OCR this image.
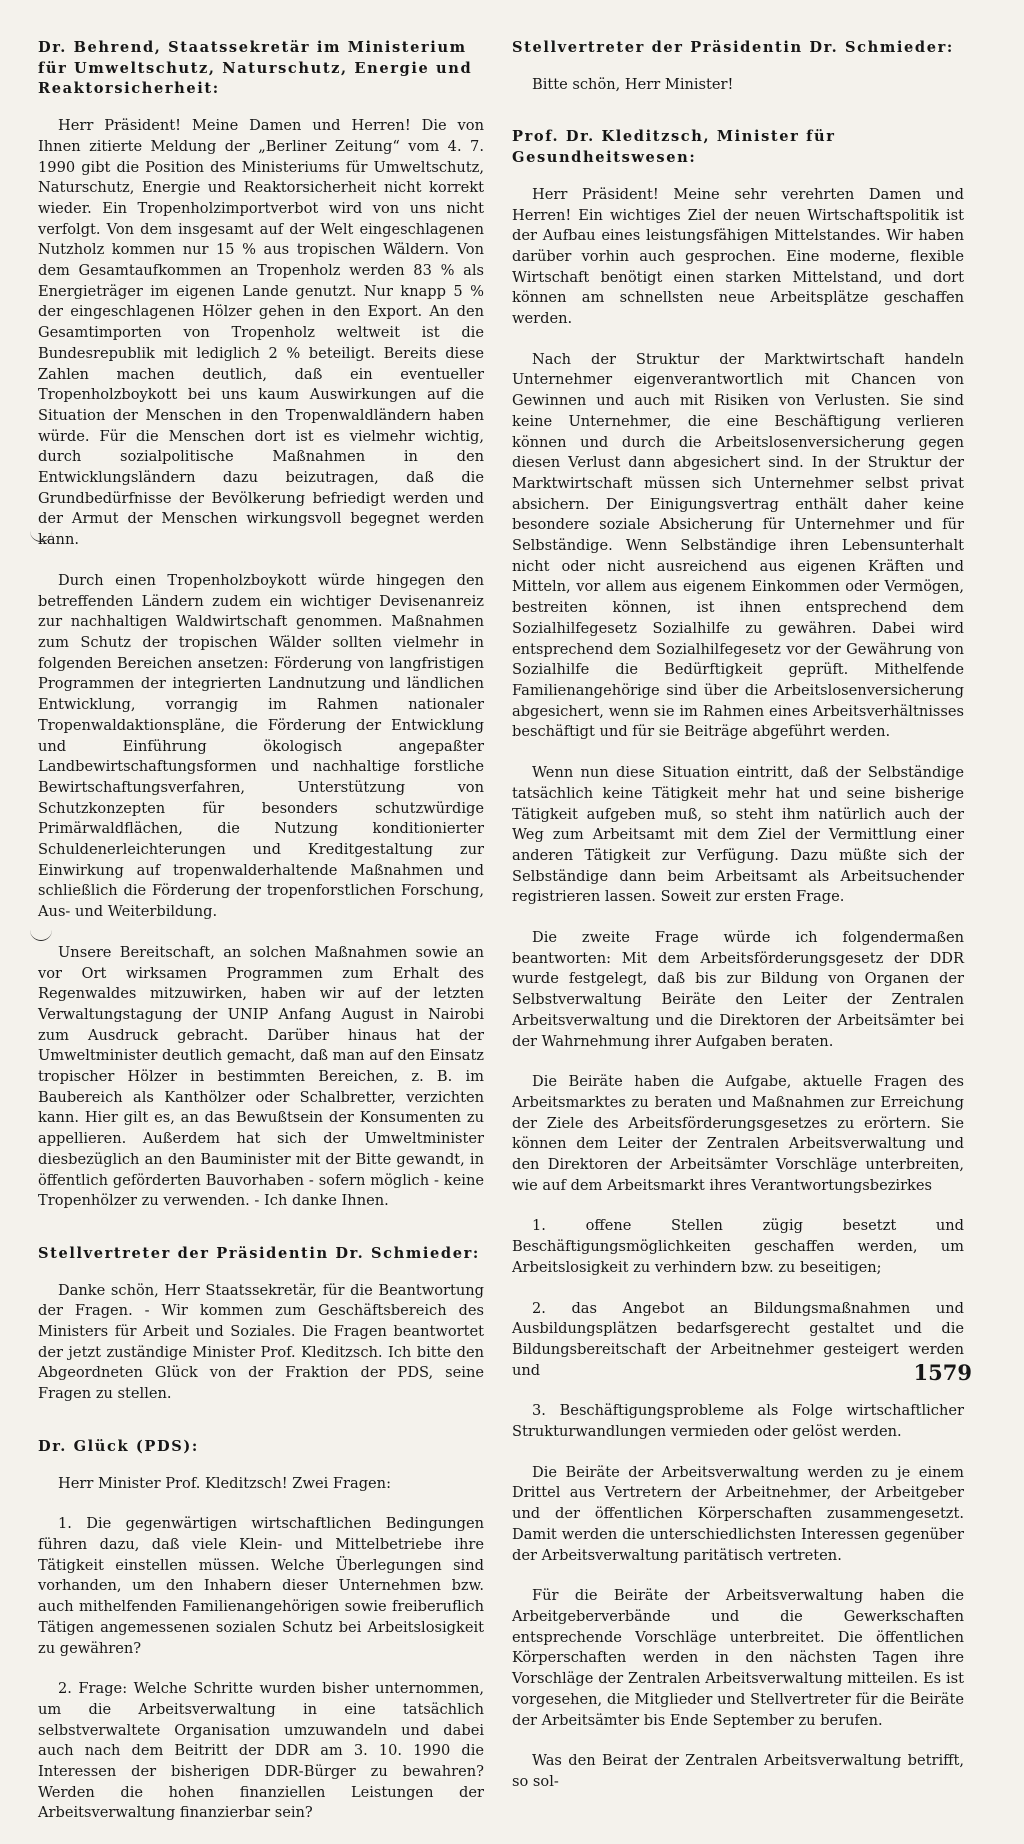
Dr. Behrend, Staatssekretär im Ministerium für Umweltschutz, Naturschutz, Energie und Reaktorsicherheit:
Herr Präsident! Meine Damen und Herren! Die von Ihnen zitierte Meldung der „Berliner Zeitung“ vom 4. 7. 1990 gibt die Position des Ministeriums für Umweltschutz, Naturschutz, Energie und Reaktorsicherheit nicht korrekt wieder. Ein Tropenholzimportverbot wird von uns nicht verfolgt. Von dem insgesamt auf der Welt eingeschlagenen Nutzholz kommen nur 15 % aus tropischen Wäldern. Von dem Gesamtaufkommen an Tropenholz werden 83 % als Energieträger im eigenen Lande genutzt. Nur knapp 5 % der eingeschlagenen Hölzer gehen in den Export. An den Gesamtimporten von Tropenholz weltweit ist die Bundesrepublik mit lediglich 2 % beteiligt. Bereits diese Zahlen machen deutlich, daß ein eventueller Tropenholzboykott bei uns kaum Auswirkungen auf die Situation der Menschen in den Tropenwaldländern haben würde. Für die Menschen dort ist es vielmehr wichtig, durch sozialpolitische Maßnahmen in den Entwicklungsländern dazu beizutragen, daß die Grundbedürfnisse der Bevölkerung befriedigt werden und der Armut der Menschen wirkungsvoll begegnet werden kann.
Durch einen Tropenholzboykott würde hingegen den betreffenden Ländern zudem ein wichtiger Devisenanreiz zur nachhaltigen Waldwirtschaft genommen. Maßnahmen zum Schutz der tropischen Wälder sollten vielmehr in folgenden Bereichen ansetzen: Förderung von langfristigen Programmen der integrierten Landnutzung und ländlichen Entwicklung, vorrangig im Rahmen nationaler Tropenwaldaktionspläne, die Förderung der Entwicklung und Einführung ökologisch angepaßter Landbewirtschaftungsformen und nachhaltige forstliche Bewirtschaftungsverfahren, Unterstützung von Schutzkonzepten für besonders schutzwürdige Primärwaldflächen, die Nutzung konditionierter Schuldenerleichterungen und Kreditgestaltung zur Einwirkung auf tropenwalderhaltende Maßnahmen und schließlich die Förderung der tropenforstlichen Forschung, Aus- und Weiterbildung.
Unsere Bereitschaft, an solchen Maßnahmen sowie an vor Ort wirksamen Programmen zum Erhalt des Regenwaldes mitzuwirken, haben wir auf der letzten Verwaltungstagung der UNIP Anfang August in Nairobi zum Ausdruck gebracht. Darüber hinaus hat der Umweltminister deutlich gemacht, daß man auf den Einsatz tropischer Hölzer in bestimmten Bereichen, z. B. im Baubereich als Kanthölzer oder Schalbretter, verzichten kann. Hier gilt es, an das Bewußtsein der Konsumenten zu appellieren. Außerdem hat sich der Umweltminister diesbezüglich an den Bauminister mit der Bitte gewandt, in öffentlich geförderten Bauvorhaben - sofern möglich - keine Tropenhölzer zu verwenden. - Ich danke Ihnen.
Stellvertreter der Präsidentin Dr. Schmieder:
Danke schön, Herr Staatssekretär, für die Beantwortung der Fragen. - Wir kommen zum Geschäftsbereich des Ministers für Arbeit und Soziales. Die Fragen beantwortet der jetzt zuständige Minister Prof. Kleditzsch. Ich bitte den Abgeordneten Glück von der Fraktion der PDS, seine Fragen zu stellen.
Dr. Glück (PDS):
Herr Minister Prof. Kleditzsch! Zwei Fragen:
1. Die gegenwärtigen wirtschaftlichen Bedingungen führen dazu, daß viele Klein- und Mittelbetriebe ihre Tätigkeit einstellen müssen. Welche Überlegungen sind vorhanden, um den Inhabern dieser Unternehmen bzw. auch mithelfenden Familienangehörigen sowie freiberuflich Tätigen angemessenen sozialen Schutz bei Arbeitslosigkeit zu gewähren?
2. Frage: Welche Schritte wurden bisher unternommen, um die Arbeitsverwaltung in eine tatsächlich selbstverwaltete Organisation umzuwandeln und dabei auch nach dem Beitritt der DDR am 3. 10. 1990 die Interessen der bisherigen DDR-Bürger zu bewahren? Werden die hohen finanziellen Leistungen der Arbeitsverwaltung finanzierbar sein?
Stellvertreter der Präsidentin Dr. Schmieder:
Bitte schön, Herr Minister!
Prof. Dr. Kleditzsch, Minister für Gesundheitswesen:
Herr Präsident! Meine sehr verehrten Damen und Herren! Ein wichtiges Ziel der neuen Wirtschaftspolitik ist der Aufbau eines leistungsfähigen Mittelstandes. Wir haben darüber vorhin auch gesprochen. Eine moderne, flexible Wirtschaft benötigt einen starken Mittelstand, und dort können am schnellsten neue Arbeitsplätze geschaffen werden.
Nach der Struktur der Marktwirtschaft handeln Unternehmer eigenverantwortlich mit Chancen von Gewinnen und auch mit Risiken von Verlusten. Sie sind keine Unternehmer, die eine Beschäftigung verlieren können und durch die Arbeitslosenversicherung gegen diesen Verlust dann abgesichert sind. In der Struktur der Marktwirtschaft müssen sich Unternehmer selbst privat absichern. Der Einigungsvertrag enthält daher keine besondere soziale Absicherung für Unternehmer und für Selbständige. Wenn Selbständige ihren Lebensunterhalt nicht oder nicht ausreichend aus eigenen Kräften und Mitteln, vor allem aus eigenem Einkommen oder Vermögen, bestreiten können, ist ihnen entsprechend dem Sozialhilfegesetz Sozialhilfe zu gewähren. Dabei wird entsprechend dem Sozialhilfegesetz vor der Gewährung von Sozialhilfe die Bedürftigkeit geprüft. Mithelfende Familienangehörige sind über die Arbeitslosenversicherung abgesichert, wenn sie im Rahmen eines Arbeitsverhältnisses beschäftigt und für sie Beiträge abgeführt werden.
Wenn nun diese Situation eintritt, daß der Selbständige tatsächlich keine Tätigkeit mehr hat und seine bisherige Tätigkeit aufgeben muß, so steht ihm natürlich auch der Weg zum Arbeitsamt mit dem Ziel der Vermittlung einer anderen Tätigkeit zur Verfügung. Dazu müßte sich der Selbständige dann beim Arbeitsamt als Arbeitsuchender registrieren lassen. Soweit zur ersten Frage.
Die zweite Frage würde ich folgendermaßen beantworten: Mit dem Arbeitsförderungsgesetz der DDR wurde festgelegt, daß bis zur Bildung von Organen der Selbstverwaltung Beiräte den Leiter der Zentralen Arbeitsverwaltung und die Direktoren der Arbeitsämter bei der Wahrnehmung ihrer Aufgaben beraten.
Die Beiräte haben die Aufgabe, aktuelle Fragen des Arbeitsmarktes zu beraten und Maßnahmen zur Erreichung der Ziele des Arbeitsförderungsgesetzes zu erörtern. Sie können dem Leiter der Zentralen Arbeitsverwaltung und den Direktoren der Arbeitsämter Vorschläge unterbreiten, wie auf dem Arbeitsmarkt ihres Verantwortungsbezirkes
1. offene Stellen zügig besetzt und Beschäftigungsmöglichkeiten geschaffen werden, um Arbeitslosigkeit zu verhindern bzw. zu beseitigen;
2. das Angebot an Bildungsmaßnahmen und Ausbildungsplätzen bedarfsgerecht gestaltet und die Bildungsbereitschaft der Arbeitnehmer gesteigert werden und
3. Beschäftigungsprobleme als Folge wirtschaftlicher Strukturwandlungen vermieden oder gelöst werden.
Die Beiräte der Arbeitsverwaltung werden zu je einem Drittel aus Vertretern der Arbeitnehmer, der Arbeitgeber und der öffentlichen Körperschaften zusammengesetzt. Damit werden die unterschiedlichsten Interessen gegenüber der Arbeitsverwaltung paritätisch vertreten.
Für die Beiräte der Arbeitsverwaltung haben die Arbeitgeberverbände und die Gewerkschaften entsprechende Vorschläge unterbreitet. Die öffentlichen Körperschaften werden in den nächsten Tagen ihre Vorschläge der Zentralen Arbeitsverwaltung mitteilen. Es ist vorgesehen, die Mitglieder und Stellvertreter für die Beiräte der Arbeitsämter bis Ende September zu berufen.
Was den Beirat der Zentralen Arbeitsverwaltung betrifft, so sol-
1579
